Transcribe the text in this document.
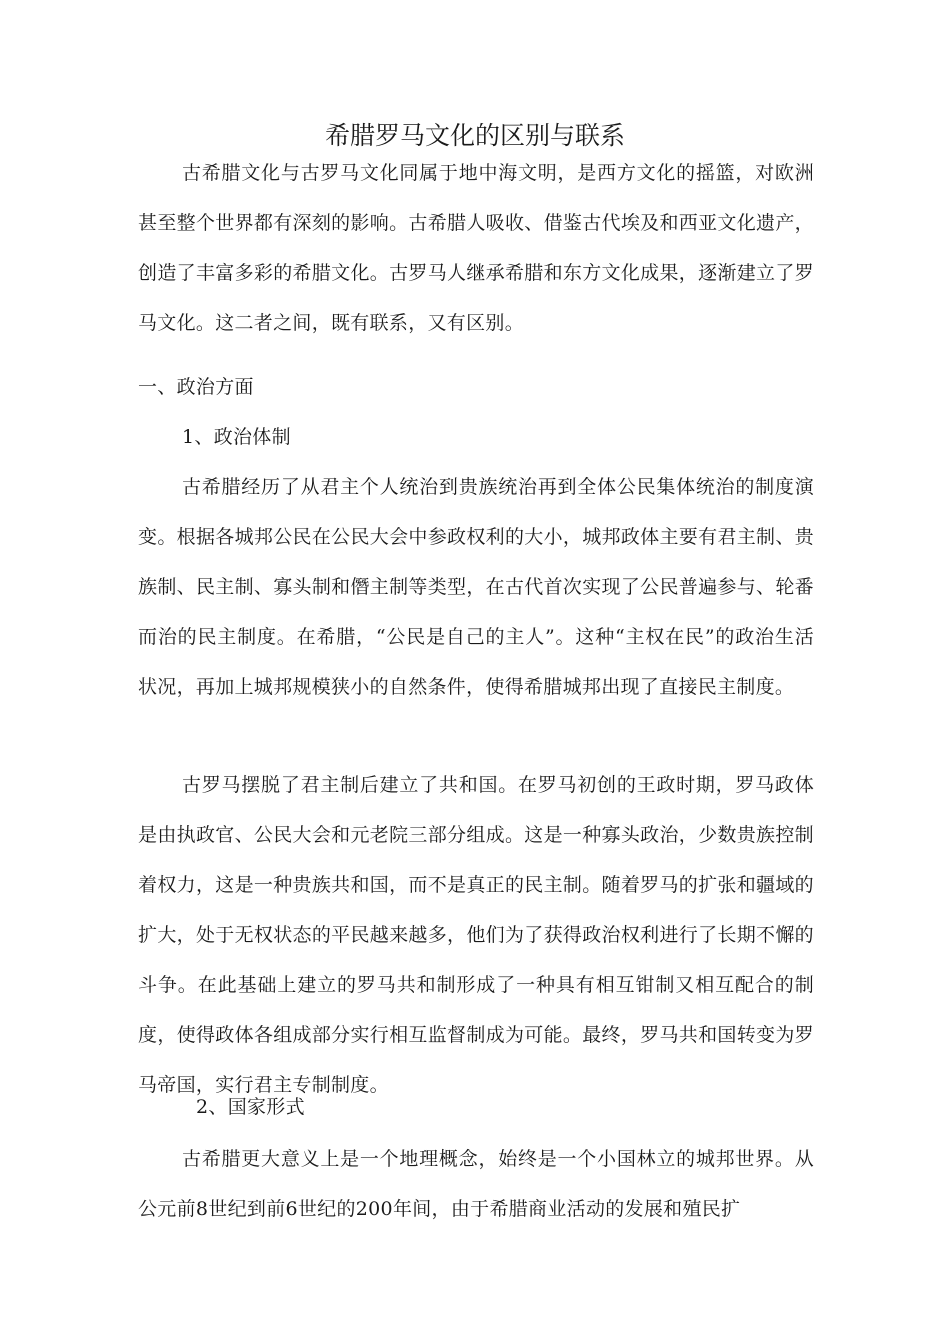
希腊罗马文化的区别与联系

古希腊文化与古罗马文化同属于地中海文明，是西方文化的摇篮，对欧洲甚至整个世界都有深刻的影响。古希腊人吸收、借鉴古代埃及和西亚文化遗产，创造了丰富多彩的希腊文化。古罗马人继承希腊和东方文化成果，逐渐建立了罗马文化。这二者之间，既有联系，又有区别。

一、政治方面
1、政治体制

古希腊经历了从君主个人统治到贵族统治再到全体公民集体统治的制度演变。根据各城邦公民在公民大会中参政权利的大小，城邦政体主要有君主制、贵族制、民主制、寡头制和僭主制等类型，在古代首次实现了公民普遍参与、轮番而治的民主制度。在希腊，“公民是自己的主人”。这种“主权在民”的政治生活状况，再加上城邦规模狭小的自然条件，使得希腊城邦出现了直接民主制度。

古罗马摆脱了君主制后建立了共和国。在罗马初创的王政时期，罗马政体是由执政官、公民大会和元老院三部分组成。这是一种寡头政治，少数贵族控制着权力，这是一种贵族共和国，而不是真正的民主制。随着罗马的扩张和疆域的扩大，处于无权状态的平民越来越多，他们为了获得政治权利进行了长期不懈的斗争。在此基础上建立的罗马共和制形成了一种具有相互钳制又相互配合的制度，使得政体各组成部分实行相互监督制成为可能。最终，罗马共和国转变为罗马帝国，实行君主专制制度。

2、国家形式

古希腊更大意义上是一个地理概念，始终是一个小国林立的城邦世界。从公元前8世纪到前6世纪的200年间，由于希腊商业活动的发展和殖民扩
